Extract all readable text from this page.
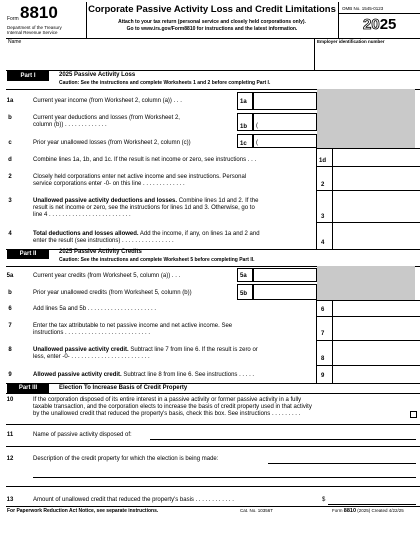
Form 8810
Department of the Treasury
Internal Revenue Service
Corporate Passive Activity Loss and Credit Limitations
Attach to your tax return (personal service and closely held corporations only).
Go to www.irs.gov/Form8810 for instructions and the latest information.
OMB No. 1545-0123
2025
Name	Employer identification number
Part I	2025 Passive Activity Loss
Caution: See the instructions and complete Worksheets 1 and 2 before completing Part I.
1a	Current year income (from Worksheet 2, column (a)) . . .	1a
b	Current year deductions and losses (from Worksheet 2,
column (b)) . . . . . . . . . . . . .	1b (
c	Prior year unallowed losses (from Worksheet 2, column (c))	1c (
d	Combine lines 1a, 1b, and 1c. If the result is net income or zero, see instructions . . .	1d
2	Closely held corporations enter net active income and see instructions. Personal
service corporations enter -0- on this line . . . . . . . . . . . . .	2
3	Unallowed passive activity deductions and losses. Combine lines 1d and 2. If the
result is net income or zero, see the instructions for lines 1d and 3. Otherwise, go to
line 4 . . . . . . . . . . . . . . . . . . . . . . . . .	3
4	Total deductions and losses allowed. Add the income, if any, on lines 1a and 2 and
enter the result (see instructions) . . . . . . . . . . . . . . . .	4
Part II	2025 Passive Activity Credits
Caution: See the instructions and complete Worksheet 5 before completing Part II.
5a	Current year credits (from Worksheet 5, column (a)) . . .	5a
b	Prior year unallowed credits (from Worksheet 5, column (b))	5b
6	Add lines 5a and 5b . . . . . . . . . . . . . . . . . . . . .	6
7	Enter the tax attributable to net passive income and net active income. See
instructions . . . . . . . . . . . . . . . . . . . . . . . . . .	7
8	Unallowed passive activity credit. Subtract line 7 from line 6. If the result is zero or
less, enter -0- . . . . . . . . . . . . . . . . . . . . . . . .	8
9	Allowed passive activity credit. Subtract line 8 from line 6. See instructions . . . . .	9
Part III	Election To Increase Basis of Credit Property
10	If the corporation disposed of its entire interest in a passive activity or former passive activity in a fully
taxable transaction, and the corporation elects to increase the basis of credit property used in that activity
by the unallowed credit that reduced the property's basis, check this box. See instructions . . . . . . . . .
11	Name of passive activity disposed of:
12	Description of the credit property for which the election is being made:
13	Amount of unallowed credit that reduced the property's basis . . . . . . . . . . . .	$
For Paperwork Reduction Act Notice, see separate instructions.	Cat. No. 10356T	Form 8810 (2025) Created 4/22/25
